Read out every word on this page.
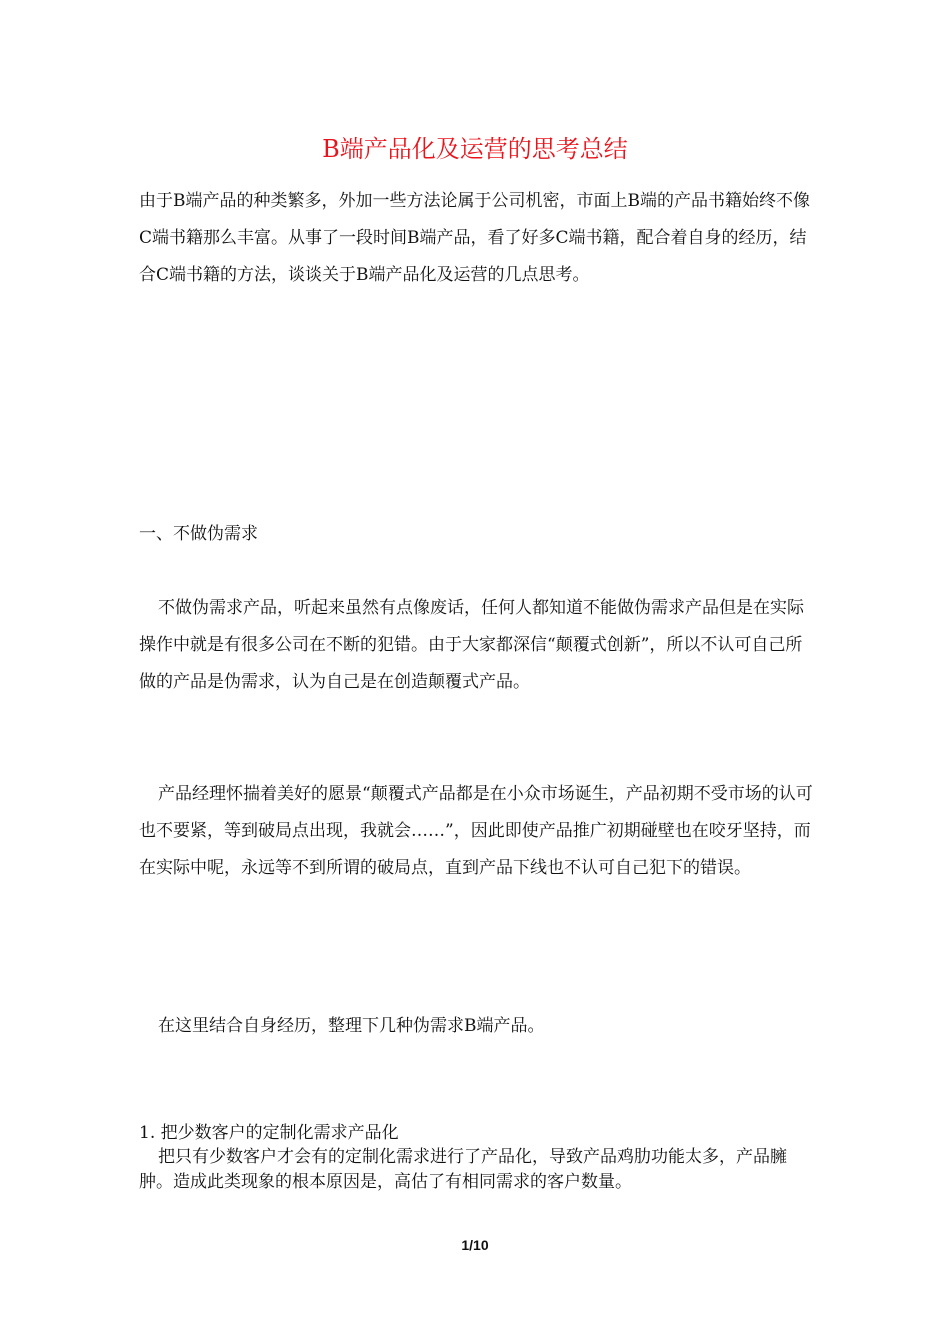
B端产品化及运营的思考总结

由于B端产品的种类繁多，外加一些方法论属于公司机密，市面上B端的产品书籍始终不像C端书籍那么丰富。从事了一段时间B端产品，看了好多C端书籍，配合着自身的经历，结合C端书籍的方法，谈谈关于B端产品化及运营的几点思考。

一、不做伪需求

不做伪需求产品，听起来虽然有点像废话，任何人都知道不能做伪需求产品但是在实际操作中就是有很多公司在不断的犯错。由于大家都深信“颠覆式创新”，所以不认可自己所做的产品是伪需求，认为自己是在创造颠覆式产品。

产品经理怀揣着美好的愿景“颠覆式产品都是在小众市场诞生，产品初期不受市场的认可也不要紧，等到破局点出现，我就会……”，因此即使产品推广初期碰壁也在咬牙坚持，而在实际中呢，永远等不到所谓的破局点，直到产品下线也不认可自己犯下的错误。

在这里结合自身经历，整理下几种伪需求B端产品。

1. 把少数客户的定制化需求产品化

把只有少数客户才会有的定制化需求进行了产品化，导致产品鸡肋功能太多，产品臃肿。造成此类现象的根本原因是，高估了有相同需求的客户数量。

1/10
